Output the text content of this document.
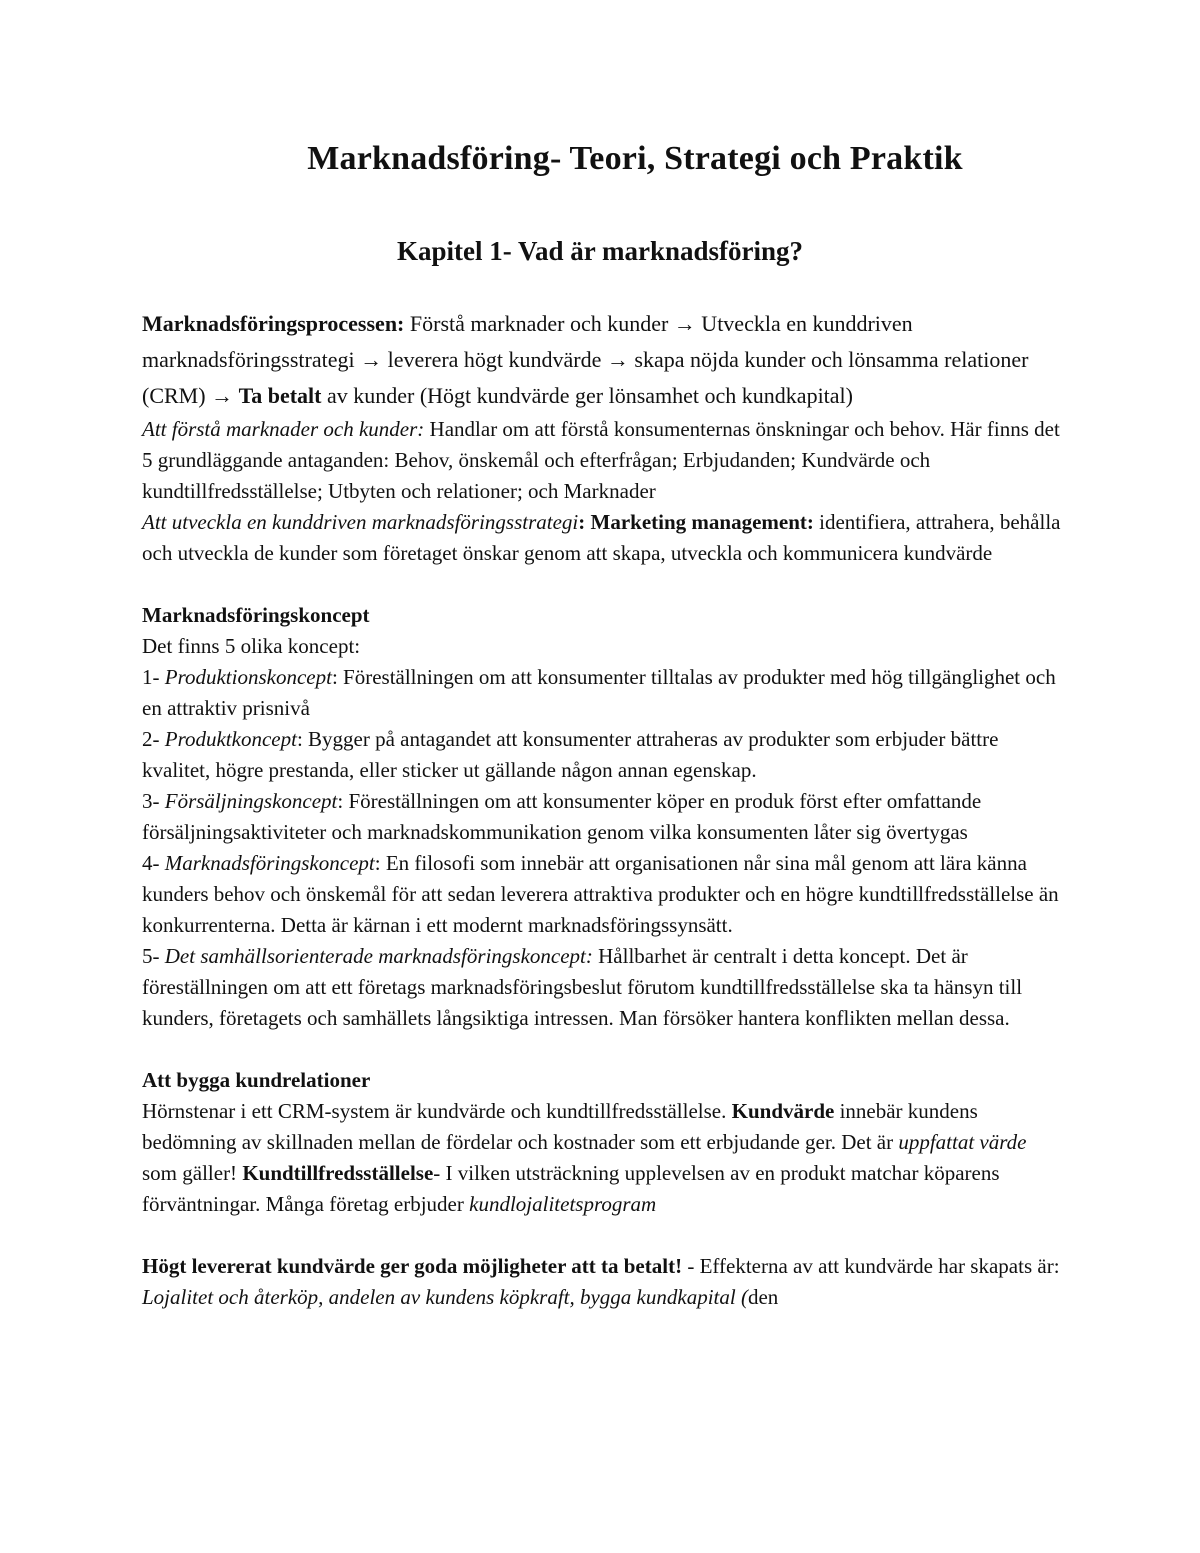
Marknadsföring- Teori, Strategi och Praktik
Kapitel 1- Vad är marknadsföring?

Marknadsföringsprocessen: Förstå marknader och kunder → Utveckla en kunddriven marknadsföringsstrategi → leverera högt kundvärde → skapa nöjda kunder och lönsamma relationer (CRM) → Ta betalt av kunder (Högt kundvärde ger lönsamhet och kundkapital)

Att förstå marknader och kunder: Handlar om att förstå konsumenternas önskningar och behov. Här finns det 5 grundläggande antaganden: Behov, önskemål och efterfrågan; Erbjudanden; Kundvärde och kundtillfredsställelse; Utbyten och relationer; och Marknader

Att utveckla en kunddriven marknadsföringsstrategi: Marketing management: identifiera, attrahera, behålla och utveckla de kunder som företaget önskar genom att skapa, utveckla och kommunicera kundvärde

Marknadsföringskoncept

Det finns 5 olika koncept:

1- Produktionskoncept: Föreställningen om att konsumenter tilltalas av produkter med hög tillgänglighet och en attraktiv prisnivå

2- Produktkoncept: Bygger på antagandet att konsumenter attraheras av produkter som erbjuder bättre kvalitet, högre prestanda, eller sticker ut gällande någon annan egenskap.

3- Försäljningskoncept: Föreställningen om att konsumenter köper en produk först efter omfattande försäljningsaktiviteter och marknadskommunikation genom vilka konsumenten låter sig övertygas

4- Marknadsföringskoncept: En filosofi som innebär att organisationen når sina mål genom att lära känna kunders behov och önskemål för att sedan leverera attraktiva produkter och en högre kundtillfredsställelse än konkurrenterna. Detta är kärnan i ett modernt marknadsföringssynsätt.

5- Det samhällsorienterade marknadsföringskoncept: Hållbarhet är centralt i detta koncept. Det är föreställningen om att ett företags marknadsföringsbeslut förutom kundtillfredsställelse ska ta hänsyn till kunders, företagets och samhällets långsiktiga intressen. Man försöker hantera konflikten mellan dessa.

Att bygga kundrelationer

Hörnstenar i ett CRM-system är kundvärde och kundtillfredsställelse. Kundvärde innebär kundens bedömning av skillnaden mellan de fördelar och kostnader som ett erbjudande ger. Det är uppfattat värde som gäller! Kundtillfredsställelse- I vilken utsträckning upplevelsen av en produkt matchar köparens förväntningar. Många företag erbjuder kundlojalitetsprogram

Högt levererat kundvärde ger goda möjligheter att ta betalt! - Effekterna av att kundvärde har skapats är: Lojalitet och återköp, andelen av kundens köpkraft, bygga kundkapital (den
